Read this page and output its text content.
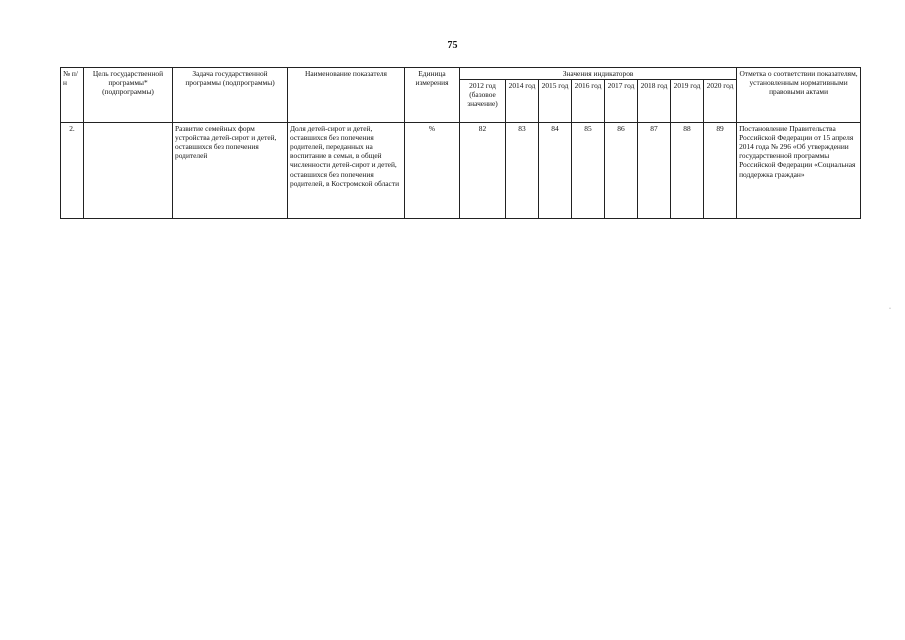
75
№ п/н	Цель государственной программы* (подпрограммы)	Задача государственной программы (подпрограммы)	Наименование показателя	Единица измерения	Значения индикаторов								Отметка о соответствии показателям, установленным нормативными правовыми актами
					2012 год (базовое значение)	2014 год	2015 год	2016 год	2017 год	2018 год	2019 год	2020 год	
2.		Развитие семейных форм устройства детей-сирот и детей, оставшихся без попечения родителей	Доля детей-сирот и детей, оставшихся без попечения родителей, переданных на воспитание в семьи, в общей численности детей-сирот и детей, оставшихся без попечения родителей, в Костромской области	%	82	83	84	85	86	87	88	89	Постановление Правительства Российской Федерации от 15 апреля 2014 года № 296 «Об утверждении государственной программы Российской Федерации «Социальная поддержка граждан»
·
